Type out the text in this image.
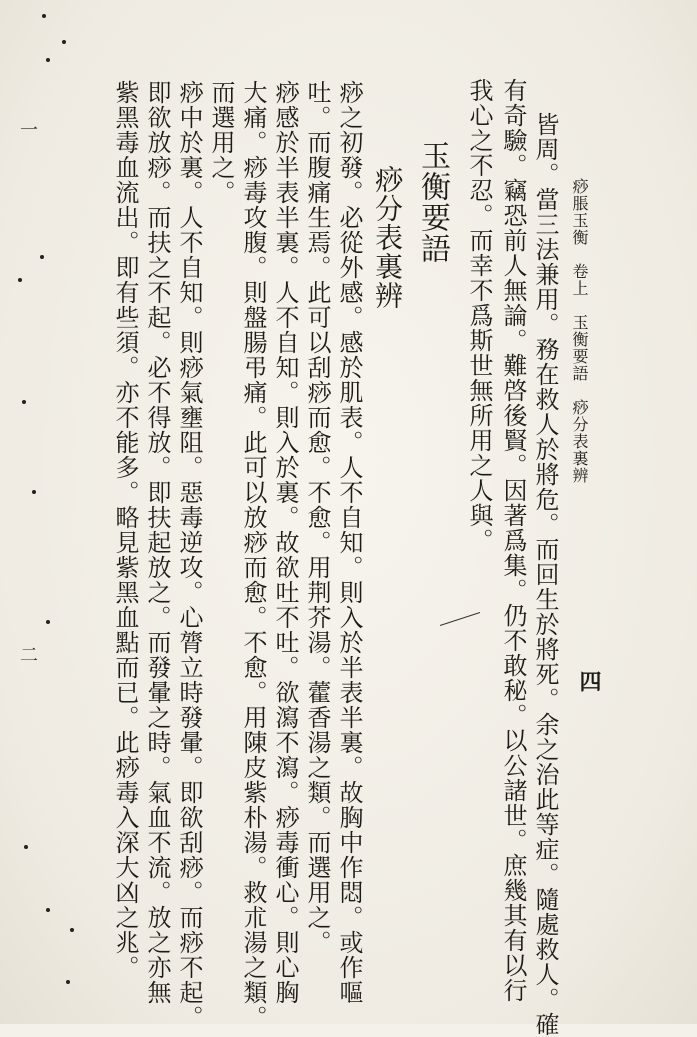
痧脹玉衡　卷上　玉衡要語　痧分表裏辨
四
皆周。當三法兼用。務在救人於將危。而回生於將死。余之治此等症。隨處救人。確
有奇驗。竊恐前人無論。難啓後賢。因著爲集。仍不敢秘。以公諸世。庶幾其有以行
我心之不忍。而幸不爲斯世無所用之人與。
玉衡要語
痧分表裏辨
痧之初發。必從外感。感於肌表。人不自知。則入於半表半裏。故胸中作悶。或作嘔
吐。而腹痛生焉。此可以刮痧而愈。不愈。用荆芥湯。藿香湯之類。而選用之。
痧感於半表半裏。人不自知。則入於裏。故欲吐不吐。欲瀉不瀉。痧毒衝心。則心胸
大痛。痧毒攻腹。則盤腸弔痛。此可以放痧而愈。不愈。用陳皮紫朴湯。救朮湯之類。
而選用之。
痧中於裏。人不自知。則痧氣壅阻。惡毒逆攻。心膂立時發暈。即欲刮痧。而痧不起。
即欲放痧。而扶之不起。必不得放。即扶起放之。而發暈之時。氣血不流。放之亦無
紫黑毒血流出。即有些須。亦不能多。略見紫黑血點而已。此痧毒入深大凶之兆。
一
二
